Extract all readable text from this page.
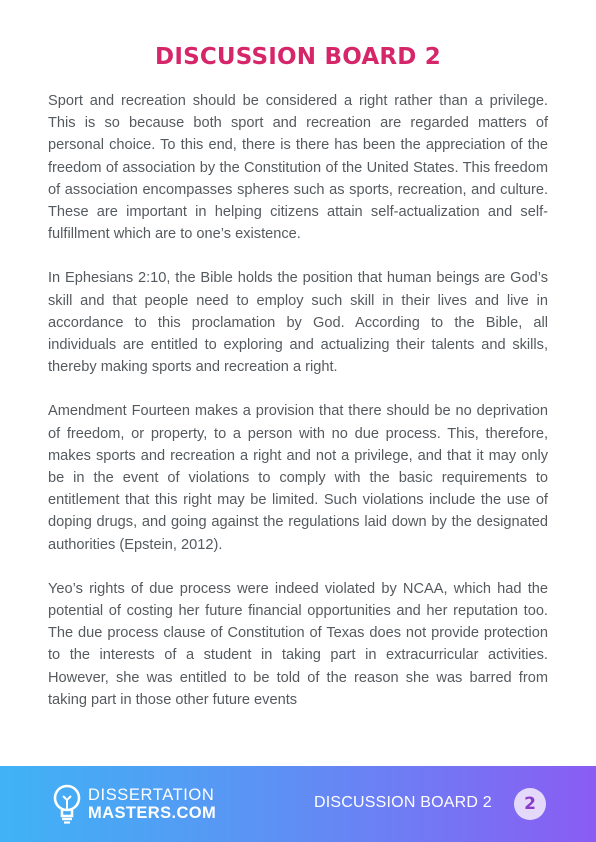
DISCUSSION BOARD 2

Sport and recreation should be considered a right rather than a privilege. This is so because both sport and recreation are regarded matters of personal choice. To this end, there is there has been the appreciation of the freedom of association by the Constitution of the United States. This freedom of association encompasses spheres such as sports, recreation, and culture. These are important in helping citizens attain self-actualization and self-fulfillment which are to one’s existence.

In Ephesians 2:10, the Bible holds the position that human beings are God’s skill and that people need to employ such skill in their lives and live in accordance to this proclamation by God. According to the Bible, all individuals are entitled to exploring and actualizing their talents and skills, thereby making sports and recreation a right.

Amendment Fourteen makes a provision that there should be no deprivation of freedom, or property, to a person with no due process. This, therefore, makes sports and recreation a right and not a privilege, and that it may only be in the event of violations to comply with the basic requirements to entitlement that this right may be limited. Such violations include the use of doping drugs, and going against the regulations laid down by the designated authorities (Epstein, 2012).

Yeo’s rights of due process were indeed violated by NCAA, which had the potential of costing her future financial opportunities and her reputation too. The due process clause of Constitution of Texas does not provide protection to the interests of a student in taking part in extracurricular activities. However, she was entitled to be told of the reason she was barred from taking part in those other future events

DISSERTATION
MASTERS.COM
DISCUSSION BOARD 2	2
